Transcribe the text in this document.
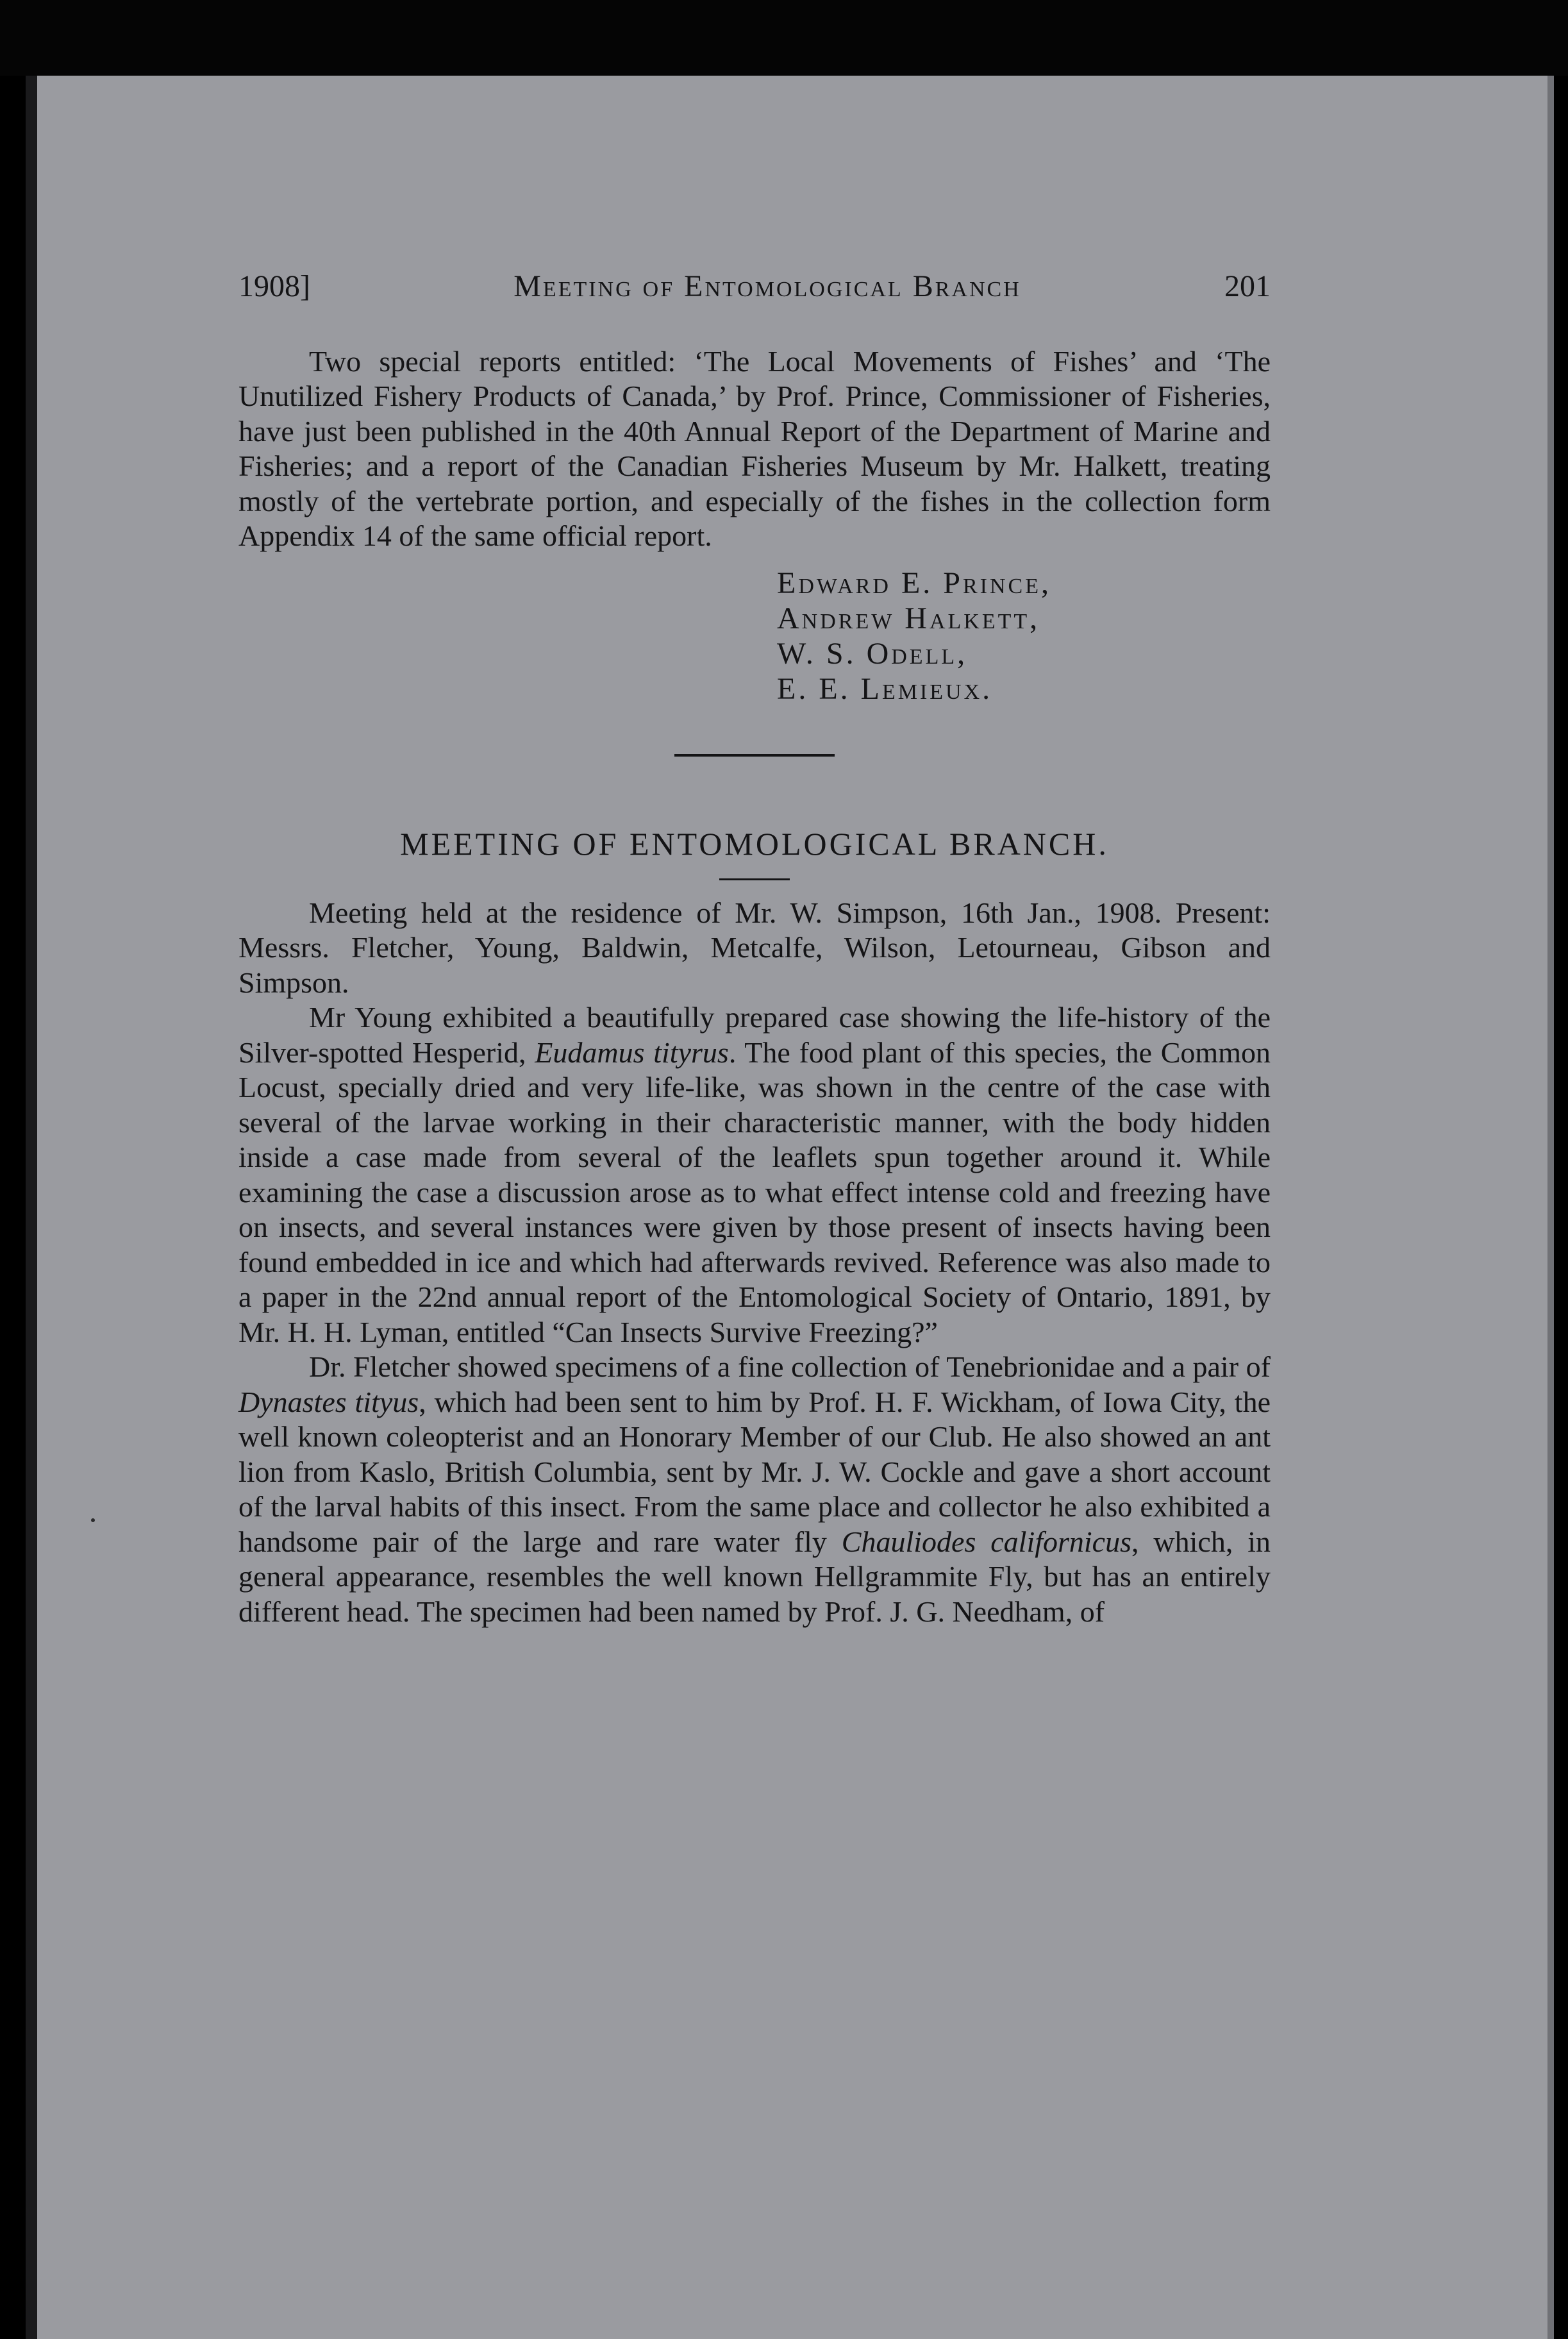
1908]	Meeting of Entomological Branch	201

Two special reports entitled: ‘The Local Movements of Fishes’ and ‘The Unutilized Fishery Products of Canada,’ by Prof. Prince, Commissioner of Fisheries, have just been published in the 40th Annual Report of the Department of Marine and Fisheries; and a report of the Canadian Fisheries Museum by Mr. Halkett, treating mostly of the vertebrate portion, and especially of the fishes in the collection form Appendix 14 of the same official report.

Edward E. Prince,
Andrew Halkett,
W. S. Odell,
E. E. Lemieux.
MEETING OF ENTOMOLOGICAL BRANCH.

Meeting held at the residence of Mr. W. Simpson, 16th Jan., 1908. Present: Messrs. Fletcher, Young, Baldwin, Metcalfe, Wilson, Letourneau, Gibson and Simpson.

Mr Young exhibited a beautifully prepared case showing the life-history of the Silver-spotted Hesperid, Eudamus tityrus. The food plant of this species, the Common Locust, specially dried and very life-like, was shown in the centre of the case with several of the larvae working in their characteristic manner, with the body hidden inside a case made from several of the leaflets spun together around it. While examining the case a discussion arose as to what effect intense cold and freezing have on insects, and several instances were given by those present of insects having been found embedded in ice and which had afterwards revived. Reference was also made to a paper in the 22nd annual report of the Entomological Society of Ontario, 1891, by Mr. H. H. Lyman, entitled “Can Insects Survive Freezing?”

Dr. Fletcher showed specimens of a fine collection of Tenebrionidae and a pair of Dynastes tityus, which had been sent to him by Prof. H. F. Wickham, of Iowa City, the well known coleopterist and an Honorary Member of our Club. He also showed an ant lion from Kaslo, British Columbia, sent by Mr. J. W. Cockle and gave a short account of the larval habits of this insect. From the same place and collector he also exhibited a handsome pair of the large and rare water fly Chauliodes californicus, which, in general appearance, resembles the well known Hellgrammite Fly, but has an entirely different head. The specimen had been named by Prof. J. G. Needham, of
